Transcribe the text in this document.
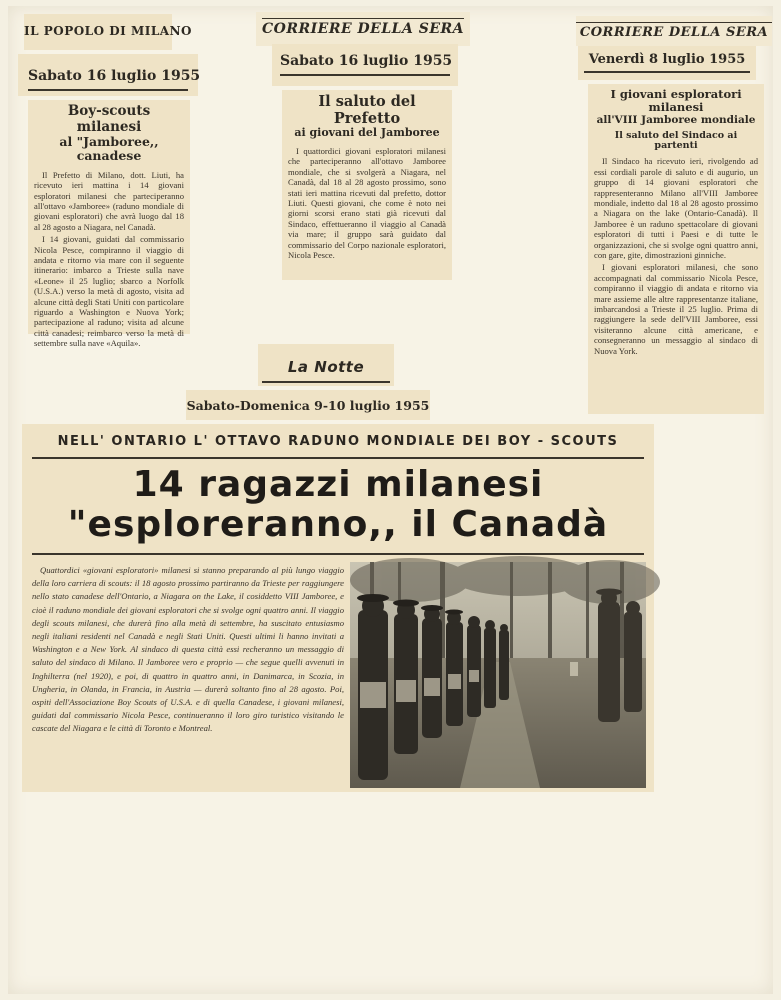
IL POPOLO DI MILANO
Sabato 16 luglio 1955
Boy-scouts milanesi
al "Jamboree,, canadese

Il Prefetto di Milano, dott. Liuti, ha ricevuto ieri mattina i 14 giovani esploratori milanesi che parteciperanno all'ottavo «Jamboree» (raduno mondiale di giovani esploratori) che avrà luogo dal 18 al 28 agosto a Niagara, nel Canadà.

I 14 giovani, guidati dal commissario Nicola Pesce, compiranno il viaggio di andata e ritorno via mare con il seguente itinerario: imbarco a Trieste sulla nave «Leone» il 25 luglio; sbarco a Norfolk (U.S.A.) verso la metà di agosto, visita ad alcune città degli Stati Uniti con particolare riguardo a Washington e Nuova York; partecipazione al raduno; visita ad alcune città canadesi; reimbarco verso la metà di settembre sulla nave «Aquila».

CORRIERE DELLA SERA
Sabato 16 luglio 1955
Il saluto del Prefetto
ai giovani del Jamboree

I quattordici giovani esploratori milanesi che parteciperanno all'ottavo Jamboree mondiale, che si svolgerà a Niagara, nel Canadà, dal 18 al 28 agosto prossimo, sono stati ieri mattina ricevuti dal prefetto, dottor Liuti. Questi giovani, che come è noto nei giorni scorsi erano stati già ricevuti dal Sindaco, effettueranno il viaggio al Canadà via mare; il gruppo sarà guidato dal commissario del Corpo nazionale esploratori, Nicola Pesce.

CORRIERE DELLA SERA
Venerdì 8 luglio 1955
I giovani esploratori milanesi
all'VIII Jamboree mondiale
Il saluto del Sindaco ai partenti

Il Sindaco ha ricevuto ieri, rivolgendo ad essi cordiali parole di saluto e di augurio, un gruppo di 14 giovani esploratori che rappresenteranno Milano all'VIII Jamboree mondiale, indetto dal 18 al 28 agosto prossimo a Niagara on the lake (Ontario-Canadà). Il Jamboree è un raduno spettacolare di giovani esploratori di tutti i Paesi e di tutte le organizzazioni, che si svolge ogni quattro anni, con gare, gite, dimostrazioni ginniche.

I giovani esploratori milanesi, che sono accompagnati dal commissario Nicola Pesce, compiranno il viaggio di andata e ritorno via mare assieme alle altre rappresentanze italiane, imbarcandosi a Trieste il 25 luglio. Prima di raggiungere la sede dell'VIII Jamboree, essi visiteranno alcune città americane, e consegneranno un messaggio al sindaco di Nuova York.

La Notte
Sabato-Domenica 9-10 luglio 1955
NELL' ONTARIO L' OTTAVO RADUNO MONDIALE DEI BOY - SCOUTS
14 ragazzi milanesi
"esploreranno,, il Canadà

Quattordici «giovani esploratori» milanesi si stanno preparando al più lungo viaggio della loro carriera di scouts: il 18 agosto prossimo partiranno da Trieste per raggiungere nello stato canadese dell'Ontario, a Niagara on the Lake, il cosiddetto VIII Jamboree, e cioè il raduno mondiale dei giovani esploratori che si svolge ogni quattro anni. Il viaggio degli scouts milanesi, che durerà fino alla metà di settembre, ha suscitato entusiasmo negli italiani residenti nel Canadà e negli Stati Uniti. Questi ultimi li hanno invitati a Washington e a New York. Al sindaco di questa città essi recheranno un messaggio di saluto del sindaco di Milano. Il Jamboree vero e proprio — che segue quelli avvenuti in Inghilterra (nel 1920), e poi, di quattro in quattro anni, in Danimarca, in Scozia, in Ungheria, in Olanda, in Francia, in Austria — durerà soltanto fino al 28 agosto. Poi, ospiti dell'Associazione Boy Scouts of U.S.A. e di quella Canadese, i giovani milanesi, guidati dal commissario Nicola Pesce, continueranno il loro giro turistico visitando le cascate del Niagara e le città di Toronto e Montreal.
